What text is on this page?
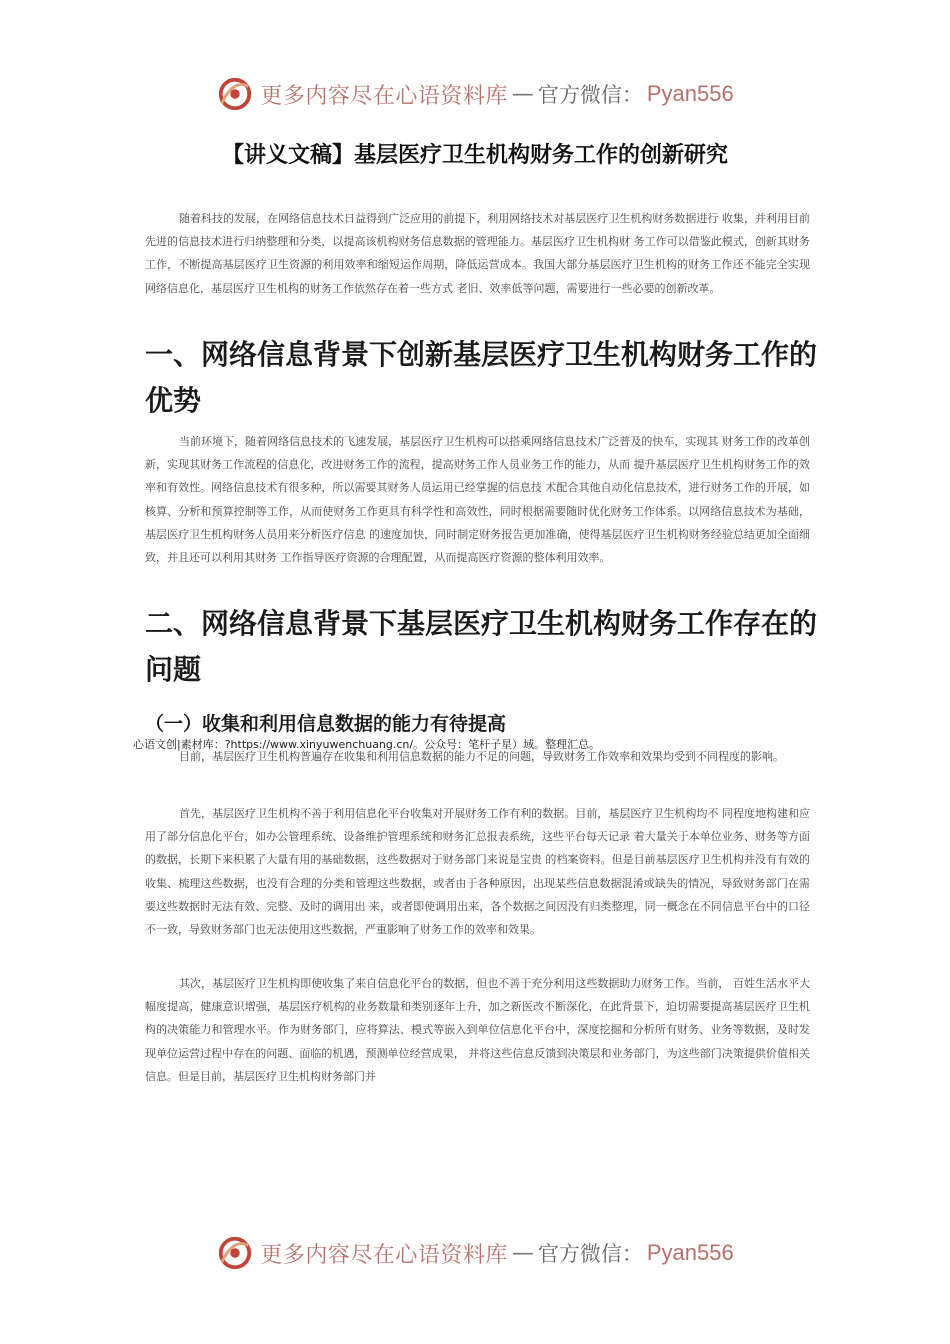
更多内容尽在心语资料库 — 官方微信： Pyan556
【讲义文稿】基层医疗卫生机构财务工作的创新研究

随着科技的发展，在网络信息技术日益得到广泛应用的前提下，利用网络技术对基层医疗卫生机构财务数据进行 收集，并利用目前先进的信息技术进行归纳整理和分类，以提高该机构财务信息数据的管理能力。基层医疗卫生机构财 务工作可以借鉴此模式，创新其财务工作，不断提高基层医疗卫生资源的利用效率和缩短运作周期，降低运营成本。我国大部分基层医疗卫生机构的财务工作还不能完全实现网络信息化，基层医疗卫生机构的财务工作依然存在着一些方式 老旧、效率低等问题，需要进行一些必要的创新改革。

一、网络信息背景下创新基层医疗卫生机构财务工作的优势

当前环境下，随着网络信息技术的飞速发展，基层医疗卫生机构可以搭乘网络信息技术广泛普及的快车，实现其 财务工作的改革创新，实现其财务工作流程的信息化，改进财务工作的流程，提高财务工作人员业务工作的能力，从而 提升基层医疗卫生机构财务工作的效率和有效性。网络信息技术有很多种，所以需要其财务人员运用已经掌握的信息技 术配合其他自动化信息技术，进行财务工作的开展，如核算、分析和预算控制等工作，从而使财务工作更具有科学性和高效性，同时根据需要随时优化财务工作体系。以网络信息技术为基础，基层医疗卫生机构财务人员用来分析医疗信息 的速度加快，同时制定财务报告更加准确，使得基层医疗卫生机构财务经验总结更加全面细致，并且还可以利用其财务 工作指导医疗资源的合理配置，从而提高医疗资源的整体利用效率。

二、网络信息背景下基层医疗卫生机构财务工作存在的问题
（一）收集和利用信息数据的能力有待提高
心语文创|素材库：?https://www.xinyuwenchuang.cn/。公众号：笔杆子星）域。整理汇总。

目前，基层医疗卫生机构普遍存在收集和利用信息数据的能力不足的问题，导致财务工作效率和效果均受到不同程度的影响。

首先，基层医疗卫生机构不善于利用信息化平台收集对开展财务工作有利的数据。目前，基层医疗卫生机构均不 同程度地构建和应用了部分信息化平台，如办公管理系统、设备维护管理系统和财务汇总报表系统，这些平台每天记录 着大量关于本单位业务、财务等方面的数据，长期下来积累了大量有用的基础数据，这些数据对于财务部门来说是宝贵 的档案资料。但是目前基层医疗卫生机构并没有有效的收集、梳理这些数据，也没有合理的分类和管理这些数据，或者由于各种原因，出现某些信息数据混淆或缺失的情况，导致财务部门在需要这些数据时无法有效、完整、及时的调用出 来，或者即使调用出来，各个数据之间因没有归类整理，同一概念在不同信息平台中的口径不一致，导致财务部门也无法使用这些数据，严重影响了财务工作的效率和效果。

其次，基层医疗卫生机构即使收集了来自信息化平台的数据，但也不善于充分利用这些数据助力财务工作。当前， 百姓生活水平大幅度提高，健康意识增强，基层医疗机构的业务数量和类别逐年上升，加之新医改不断深化，在此背景下，迫切需要提高基层医疗卫生机构的决策能力和管理水平。作为财务部门，应将算法、模式等嵌入到单位信息化平台中，深度挖掘和分析所有财务、业务等数据，及时发现单位运营过程中存在的问题、面临的机遇，预测单位经营成果， 并将这些信息反馈到决策层和业务部门，为这些部门决策提供价值相关信息。但是目前，基层医疗卫生机构财务部门并

更多内容尽在心语资料库 — 官方微信： Pyan556
